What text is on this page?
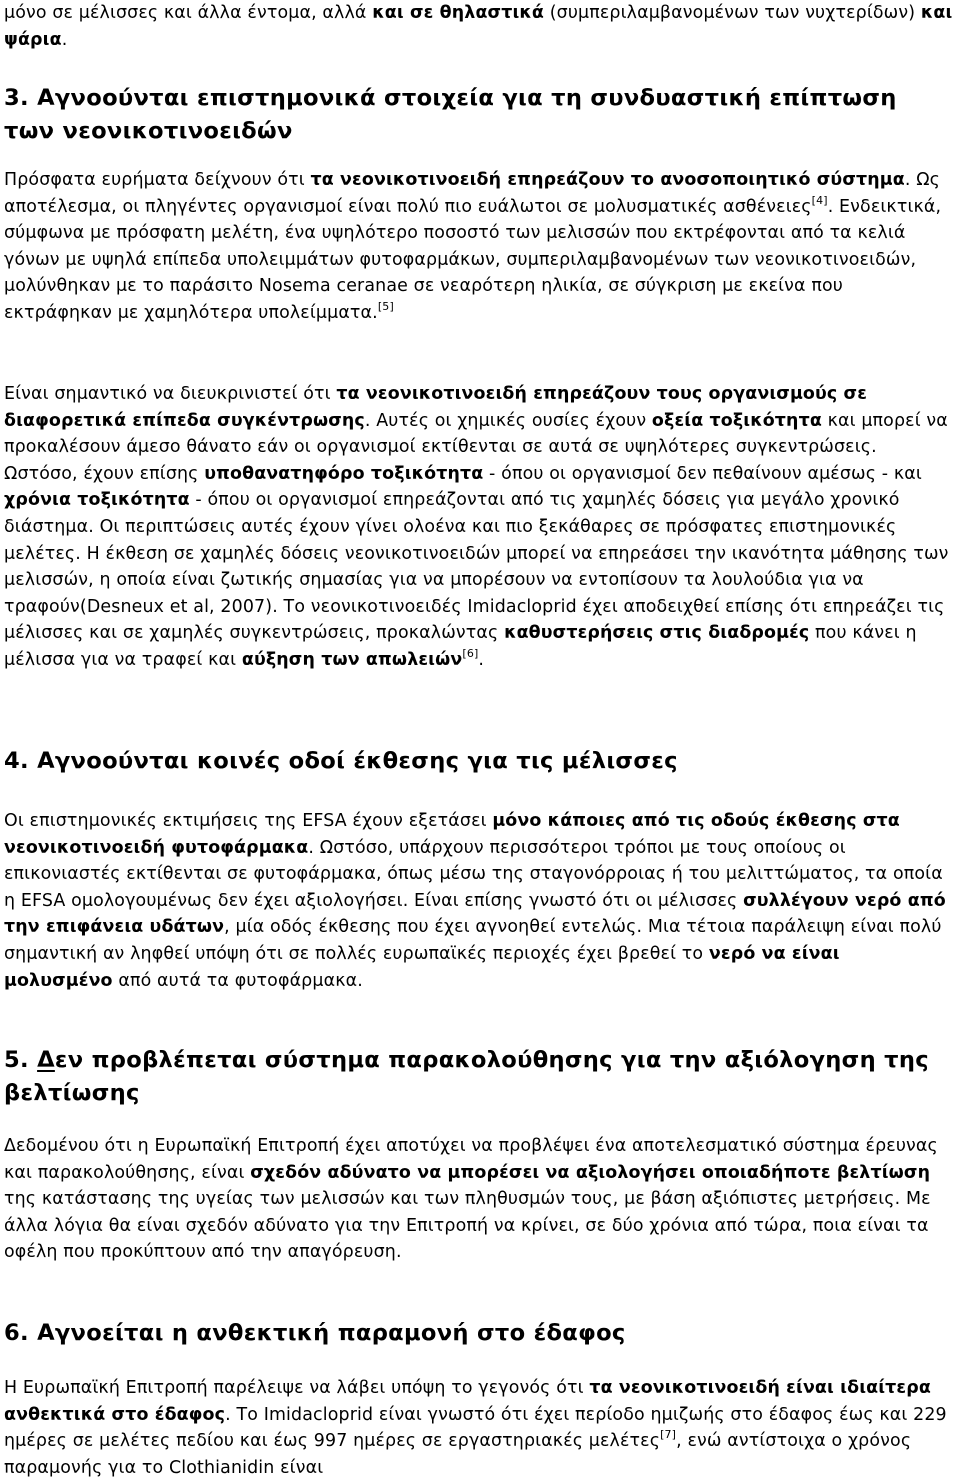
μόνο σε μέλισσες και άλλα έντομα, αλλά και σε θηλαστικά (συμπεριλαμβανομένων των νυχτερίδων) και ψάρια.

3. Αγνοούνται επιστημονικά στοιχεία για τη συνδυαστική επίπτωση των νεονικοτινοειδών

Πρόσφατα ευρήματα δείχνουν ότι τα νεονικοτινοειδή επηρεάζουν το ανοσοποιητικό σύστημα. Ως αποτέλεσμα, οι πληγέντες οργανισμοί είναι πολύ πιο ευάλωτοι σε μολυσματικές ασθένειες[4]. Ενδεικτικά, σύμφωνα με πρόσφατη μελέτη, ένα υψηλότερο ποσοστό των μελισσών που εκτρέφονται από τα κελιά γόνων με υψηλά επίπεδα υπολειμμάτων φυτοφαρμάκων, συμπεριλαμβανομένων των νεονικοτινοειδών, μολύνθηκαν με το παράσιτο Nosema ceranae σε νεαρότερη ηλικία, σε σύγκριση με εκείνα που εκτράφηκαν με χαμηλότερα υπολείμματα.[5]

Είναι σημαντικό να διευκρινιστεί ότι τα νεονικοτινοειδή επηρεάζουν τους οργανισμούς σε διαφορετικά επίπεδα συγκέντρωσης. Αυτές οι χημικές ουσίες έχουν οξεία τοξικότητα και μπορεί να προκαλέσουν άμεσο θάνατο εάν οι οργανισμοί εκτίθενται σε αυτά σε υψηλότερες συγκεντρώσεις. Ωστόσο, έχουν επίσης υποθανατηφόρο τοξικότητα - όπου οι οργανισμοί δεν πεθαίνουν αμέσως - και χρόνια τοξικότητα - όπου οι οργανισμοί επηρεάζονται από τις χαμηλές δόσεις για μεγάλο χρονικό διάστημα. Οι περιπτώσεις αυτές έχουν γίνει ολοένα και πιο ξεκάθαρες σε πρόσφατες επιστημονικές μελέτες. Η έκθεση σε χαμηλές δόσεις νεονικοτινοειδών μπορεί να επηρεάσει την ικανότητα μάθησης των μελισσών, η οποία είναι ζωτικής σημασίας για να μπορέσουν να εντοπίσουν τα λουλούδια για να τραφούν(Desneux et al, 2007). Το νεονικοτινοειδές Imidacloprid έχει αποδειχθεί επίσης ότι επηρεάζει τις μέλισσες και σε χαμηλές συγκεντρώσεις, προκαλώντας καθυστερήσεις στις διαδρομές που κάνει η μέλισσα για να τραφεί και αύξηση των απωλειών[6].

4. Αγνοούνται κοινές οδοί έκθεσης για τις μέλισσες

Οι επιστημονικές εκτιμήσεις της EFSA έχουν εξετάσει μόνο κάποιες από τις οδούς έκθεσης στα νεονικοτινοειδή φυτοφάρμακα. Ωστόσο, υπάρχουν περισσότεροι τρόποι με τους οποίους οι επικονιαστές εκτίθενται σε φυτοφάρμακα, όπως μέσω της σταγονόρροιας ή του μελιττώματος, τα οποία η EFSA ομολογουμένως δεν έχει αξιολογήσει. Είναι επίσης γνωστό ότι οι μέλισσες συλλέγουν νερό από την επιφάνεια υδάτων, μία οδός έκθεσης που έχει αγνοηθεί εντελώς. Μια τέτοια παράλειψη είναι πολύ σημαντική αν ληφθεί υπόψη ότι σε πολλές ευρωπαϊκές περιοχές έχει βρεθεί το νερό να είναι μολυσμένο από αυτά τα φυτοφάρμακα.

5. Δεν προβλέπεται σύστημα παρακολούθησης για την αξιόλογηση της βελτίωσης

Δεδομένου ότι η Ευρωπαϊκή Επιτροπή έχει αποτύχει να προβλέψει ένα αποτελεσματικό σύστημα έρευνας και παρακολούθησης, είναι σχεδόν αδύνατο να μπορέσει να αξιολογήσει οποιαδήποτε βελτίωση της κατάστασης της υγείας των μελισσών και των πληθυσμών τους, με βάση αξιόπιστες μετρήσεις. Με άλλα λόγια θα είναι σχεδόν αδύνατο για την Επιτροπή να κρίνει, σε δύο χρόνια από τώρα, ποια είναι τα οφέλη που προκύπτουν από την απαγόρευση.

6. Αγνοείται η ανθεκτική παραμονή στο έδαφος

Η Ευρωπαϊκή Επιτροπή παρέλειψε να λάβει υπόψη το γεγονός ότι τα νεονικοτινοειδή είναι ιδιαίτερα ανθεκτικά στο έδαφος. Το Imidacloprid είναι γνωστό ότι έχει περίοδο ημιζωής στο έδαφος έως και 229 ημέρες σε μελέτες πεδίου και έως 997 ημέρες σε εργαστηριακές μελέτες[7], ενώ αντίστοιχα ο χρόνος παραμονής για το Clothianidin είναι
